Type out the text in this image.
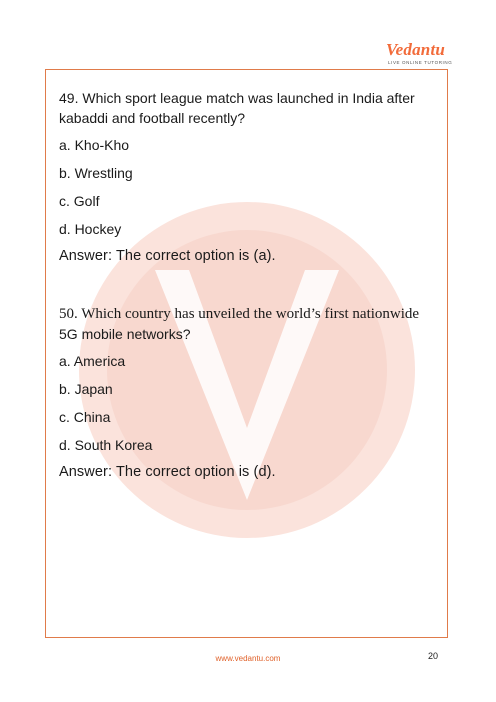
Vedantu
LIVE ONLINE TUTORING

49. Which sport league match was launched in India after kabaddi and football recently?

a. Kho-Kho

b. Wrestling

c. Golf

d. Hockey

Answer: The correct option is (a).

50. Which country has unveiled the world’s first nationwide

5G mobile networks?

a. America

b. Japan

c. China

d. South Korea

Answer: The correct option is (d).
www.vedantu.com	20
